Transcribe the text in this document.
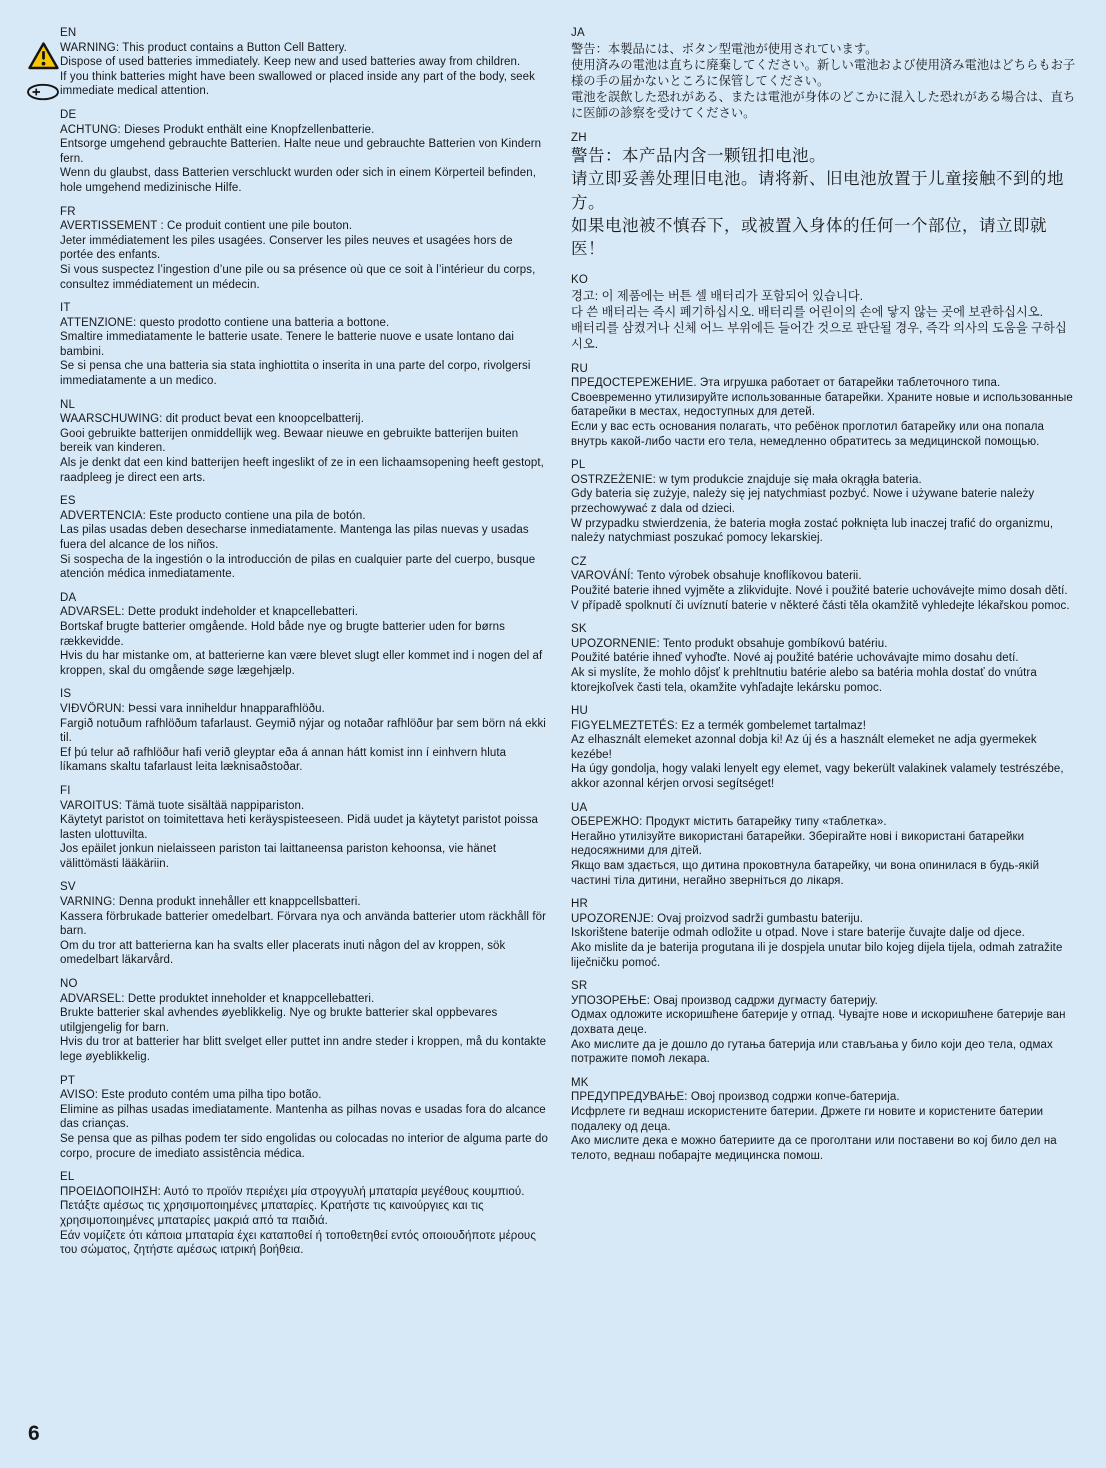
EN

WARNING: This product contains a Button Cell Battery.

Dispose of used batteries immediately. Keep new and used batteries away from children.

If you think batteries might have been swallowed or placed inside any part of the body, seek immediate medical attention.

DE

ACHTUNG: Dieses Produkt enthält eine Knopfzellenbatterie.

Entsorge umgehend gebrauchte Batterien. Halte neue und gebrauchte Batterien von Kindern fern.

Wenn du glaubst, dass Batterien verschluckt wurden oder sich in einem Körperteil befinden, hole umgehend medizinische Hilfe.

FR

AVERTISSEMENT : Ce produit contient une pile bouton.

Jeter immédiatement les piles usagées. Conserver les piles neuves et usagées hors de portée des enfants.

Si vous suspectez l’ingestion d’une pile ou sa présence où que ce soit à l’intérieur du corps, consultez immédiatement un médecin.

IT

ATTENZIONE: questo prodotto contiene una batteria a bottone.

Smaltire immediatamente le batterie usate. Tenere le batterie nuove e usate lontano dai bambini.

Se si pensa che una batteria sia stata inghiottita o inserita in una parte del corpo, rivolgersi immediatamente a un medico.

NL

WAARSCHUWING: dit product bevat een knoopcelbatterij.

Gooi gebruikte batterijen onmiddellijk weg. Bewaar nieuwe en gebruikte batterijen buiten bereik van kinderen.

Als je denkt dat een kind batterijen heeft ingeslikt of ze in een lichaamsopening heeft gestopt, raadpleeg je direct een arts.

ES

ADVERTENCIA: Este producto contiene una pila de botón.

Las pilas usadas deben desecharse inmediatamente. Mantenga las pilas nuevas y usadas fuera del alcance de los niños.

Si sospecha de la ingestión o la introducción de pilas en cualquier parte del cuerpo, busque atención médica inmediatamente.

DA

ADVARSEL: Dette produkt indeholder et knapcellebatteri.

Bortskaf brugte batterier omgående. Hold både nye og brugte batterier uden for børns rækkevidde.

Hvis du har mistanke om, at batterierne kan være blevet slugt eller kommet ind i nogen del af kroppen, skal du omgående søge lægehjælp.

IS

VIÐVÖRUN: Þessi vara inniheldur hnapparafhlöðu.

Fargið notuðum rafhlöðum tafarlaust. Geymið nýjar og notaðar rafhlöður þar sem börn ná ekki til.

Ef þú telur að rafhlöður hafi verið gleyptar eða á annan hátt komist inn í einhvern hluta líkamans skaltu tafarlaust leita læknisaðstoðar.

FI

VAROITUS: Tämä tuote sisältää nappipariston.

Käytetyt paristot on toimitettava heti keräyspisteeseen. Pidä uudet ja käytetyt paristot poissa lasten ulottuvilta.

Jos epäilet jonkun nielaisseen pariston tai laittaneensa pariston kehoonsa, vie hänet välittömästi lääkäriin.

SV

VARNING: Denna produkt innehåller ett knappcellsbatteri.

Kassera förbrukade batterier omedelbart. Förvara nya och använda batterier utom räckhåll för barn.

Om du tror att batterierna kan ha svalts eller placerats inuti någon del av kroppen, sök omedelbart läkarvård.

NO

ADVARSEL: Dette produktet inneholder et knappcellebatteri.

Brukte batterier skal avhendes øyeblikkelig. Nye og brukte batterier skal oppbevares utilgjengelig for barn.

Hvis du tror at batterier har blitt svelget eller puttet inn andre steder i kroppen, må du kontakte lege øyeblikkelig.

PT

AVISO: Este produto contém uma pilha tipo botão.

Elimine as pilhas usadas imediatamente. Mantenha as pilhas novas e usadas fora do alcance das crianças.

Se pensa que as pilhas podem ter sido engolidas ou colocadas no interior de alguma parte do corpo, procure de imediato assistência médica.

EL

ΠΡΟΕΙΔΟΠΟΙΗΣΗ: Αυτό το προϊόν περιέχει μία στρογγυλή μπαταρία μεγέθους κουμπιού.

Πετάξτε αμέσως τις χρησιμοποιημένες μπαταρίες. Κρατήστε τις καινούργιες και τις χρησιμοποιημένες μπαταρίες μακριά από τα παιδιά.

Εάν νομίζετε ότι κάποια μπαταρία έχει καταποθεί ή τοποθετηθεί εντός οποιουδήποτε μέρους του σώματος, ζητήστε αμέσως ιατρική βοήθεια.

JA

警告：本製品には、ボタン型電池が使用されています。

使用済みの電池は直ちに廃棄してください。新しい電池および使用済み電池はどちらもお子様の手の届かないところに保管してください。

電池を誤飲した恐れがある、または電池が身体のどこかに混入した恐れがある場合は、直ちに医師の診察を受けてください。

ZH

警告：本产品内含一颗钮扣电池。

请立即妥善处理旧电池。请将新、旧电池放置于儿童接触不到的地方。

如果电池被不慎吞下，或被置入身体的任何一个部位，请立即就医！

KO

경고: 이 제품에는 버튼 셀 배터리가 포함되어 있습니다.

다 쓴 배터리는 즉시 폐기하십시오. 배터리를 어린이의 손에 닿지 않는 곳에 보관하십시오.

배터리를 삼켰거나 신체 어느 부위에든 들어간 것으로 판단될 경우, 즉각 의사의 도움을 구하십시오.

RU

ПРЕДОСТЕРЕЖЕНИЕ. Эта игрушка работает от батарейки таблеточного типа.

Своевременно утилизируйте использованные батарейки. Храните новые и использованные батарейки в местах, недоступных для детей.

Если у вас есть основания полагать, что ребёнок проглотил батарейку или она попала внутрь какой-либо части его тела, немедленно обратитесь за медицинской помощью.

PL

OSTRZEŻENIE: w tym produkcie znajduje się mała okrągła bateria.

Gdy bateria się zużyje, należy się jej natychmiast pozbyć. Nowe i używane baterie należy przechowywać z dala od dzieci.

W przypadku stwierdzenia, że bateria mogła zostać połknięta lub inaczej trafić do organizmu, należy natychmiast poszukać pomocy lekarskiej.

CZ

VAROVÁNÍ: Tento výrobek obsahuje knoflíkovou baterii.

Použité baterie ihned vyjměte a zlikvidujte. Nové i použité baterie uchovávejte mimo dosah dětí.

V případě spolknutí či uvíznutí baterie v některé části těla okamžitě vyhledejte lékařskou pomoc.

SK

UPOZORNENIE: Tento produkt obsahuje gombíkovú batériu.

Použité batérie ihneď vyhoďte. Nové aj použité batérie uchovávajte mimo dosahu detí.

Ak si myslíte, že mohlo dôjsť k prehltnutiu batérie alebo sa batéria mohla dostať do vnútra ktorejkoľvek časti tela, okamžite vyhľadajte lekársku pomoc.

HU

FIGYELMEZTETÉS: Ez a termék gombelemet tartalmaz!

Az elhasznált elemeket azonnal dobja ki! Az új és a használt elemeket ne adja gyermekek kezébe!

Ha úgy gondolja, hogy valaki lenyelt egy elemet, vagy bekerült valakinek valamely testrészébe, akkor azonnal kérjen orvosi segítséget!

UA

ОБЕРЕЖНО: Продукт містить батарейку типу «таблетка».

Негайно утилізуйте використані батарейки. Зберігайте нові і використані батарейки недосяжними для дітей.

Якщо вам здається, що дитина проковтнула батарейку, чи вона опинилася в будь-якій частині тіла дитини, негайно зверніться до лікаря.

HR

UPOZORENJE: Ovaj proizvod sadrži gumbastu bateriju.

Iskorištene baterije odmah odložite u otpad. Nove i stare baterije čuvajte dalje od djece.

Ako mislite da je baterija progutana ili je dospjela unutar bilo kojeg dijela tijela, odmah zatražite liječničku pomoć.

SR

УПОЗОРЕЊЕ: Овај производ садржи дугмасту батерију.

Одмах одложите искоришћене батерије у отпад. Чувајте нове и искоришћене батерије ван дохвата деце.

Ако мислите да је дошло до гутања батерија или стављања у било који део тела, одмах потражите помоћ лекара.

MK

ПРЕДУПРЕДУВАЊЕ: Овој производ содржи копче-батерија.

Исфрлете ги веднаш искористените батерии. Држете ги новите и користените батерии подалеку од деца.

Ако мислите дека е можно батериите да се проголтани или поставени во кој било дел на телото, веднаш побарајте медицинска помош.

6
